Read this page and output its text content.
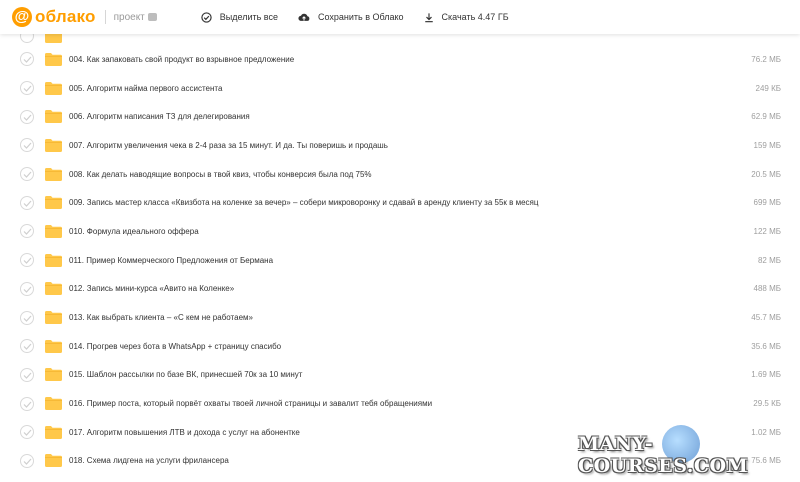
@ облако проект	Выделить все	Сохранить в Облако	Скачать 4.47 ГБ
004. Как запаковать свой продукт во взрывное предложение	76.2 МБ
005. Алгоритм найма первого ассистента	249 КБ
006. Алгоритм написания ТЗ для делегирования	62.9 МБ
007. Алгоритм увеличения чека в 2-4 раза за 15 минут. И да. Ты поверишь и продашь	159 МБ
008. Как делать наводящие вопросы в твой квиз, чтобы конверсия была под 75%	20.5 МБ
009. Запись мастер класса «Квизбота на коленке за вечер» – собери микроворонку и сдавай в аренду клиенту за 55к в месяц	699 МБ
010. Формула идеального оффера	122 МБ
011. Пример Коммерческого Предложения от Бермана	82 МБ
012. Запись мини-курса «Авито на Коленке»	488 МБ
013. Как выбрать клиента – «С кем не работаем»	45.7 МБ
014. Прогрев через бота в WhatsApp + страницу спасибо	35.6 МБ
015. Шаблон рассылки по базе ВК, принесшей 70к за 10 минут	1.69 МБ
016. Пример поста, который порвёт охваты твоей личной страницы и завалит тебя обращениями	29.5 КБ
017. Алгоритм повышения ЛТВ и дохода с услуг на абонентке	1.02 МБ
018. Схема лидгена на услуги фрилансера	75.6 МБ
MANY-COURSES.COM
